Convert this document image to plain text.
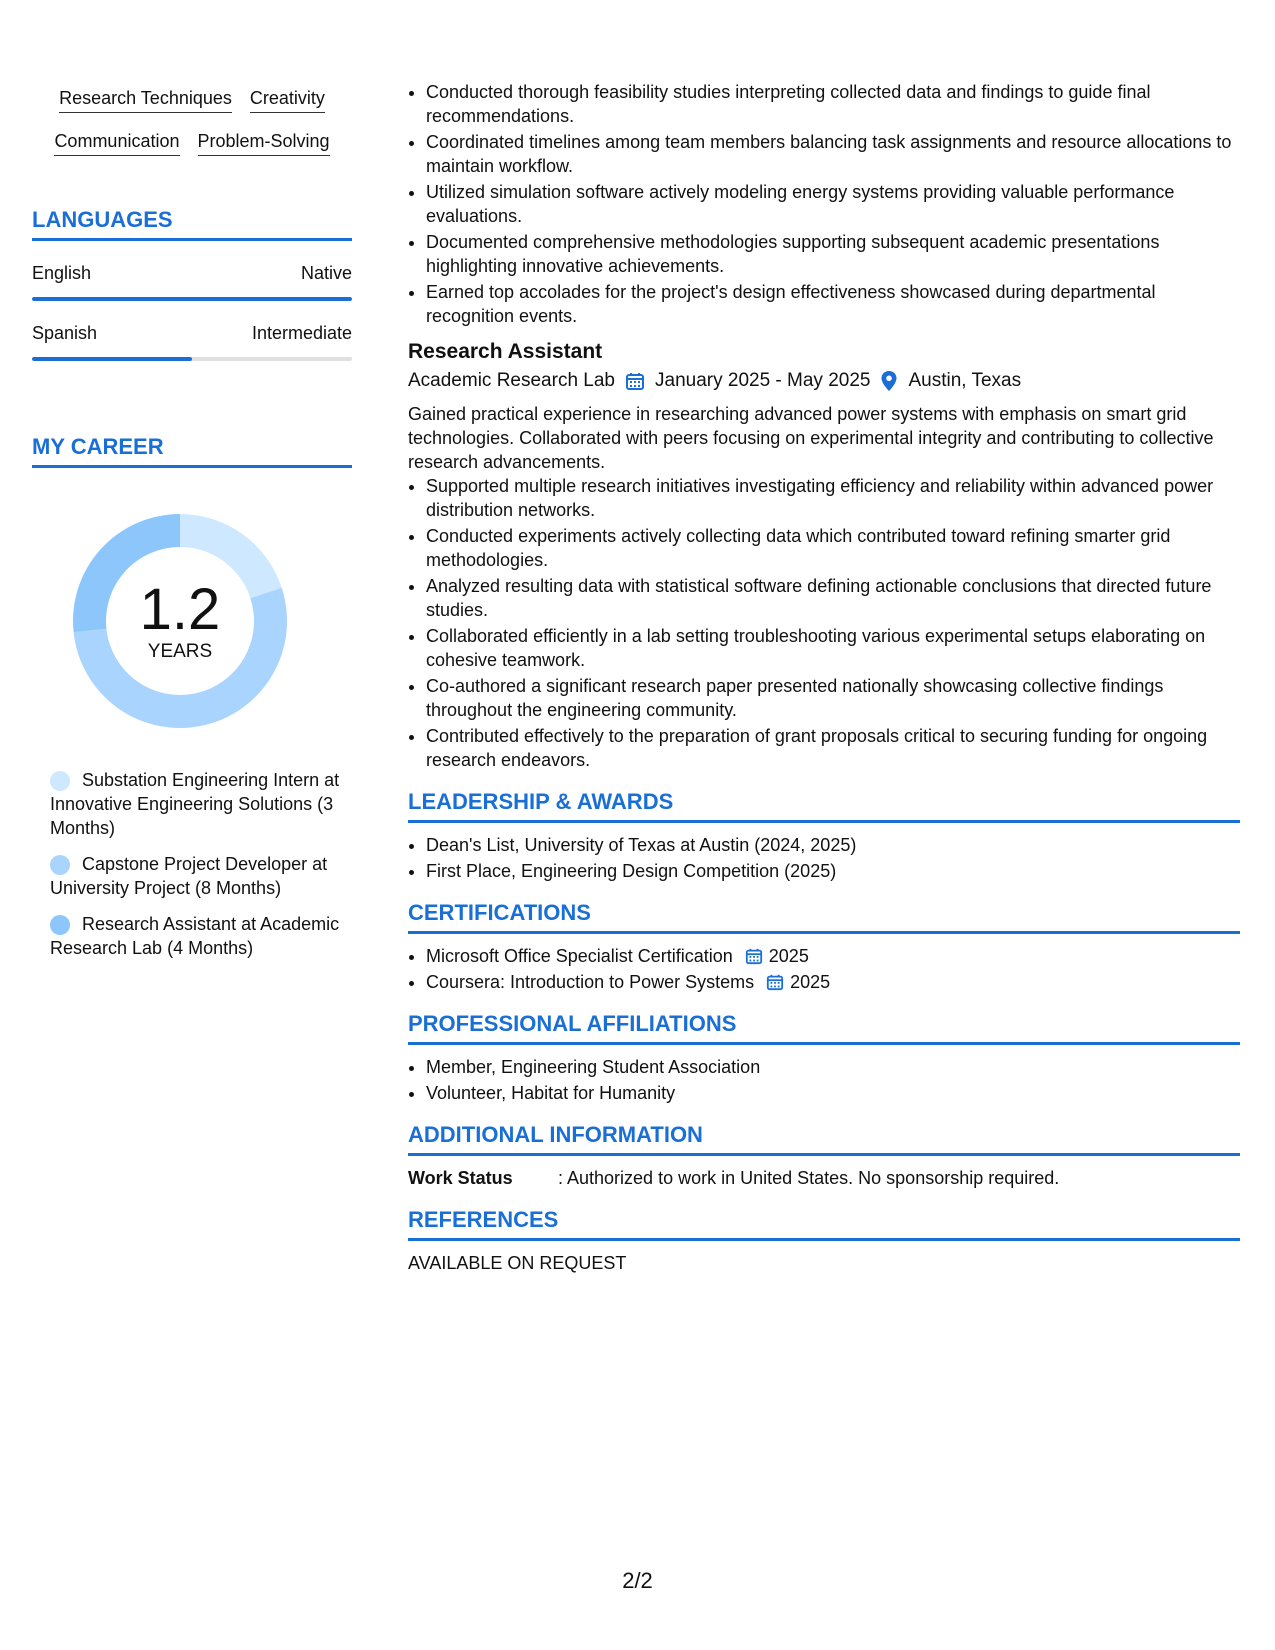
Research Techniques Creativity
Communication Problem-Solving
LANGUAGES
English	Native
Spanish	Intermediate
MY CAREER
1.2
YEARS
Substation Engineering Intern at Innovative Engineering Solutions (3 Months)
Capstone Project Developer at University Project (8 Months)
Research Assistant at Academic Research Lab (4 Months)
• Conducted thorough feasibility studies interpreting collected data and findings to guide final recommendations.
• Coordinated timelines among team members balancing task assignments and resource allocations to maintain workflow.
• Utilized simulation software actively modeling energy systems providing valuable performance evaluations.
• Documented comprehensive methodologies supporting subsequent academic presentations highlighting innovative achievements.
• Earned top accolades for the project's design effectiveness showcased during departmental recognition events.
Research Assistant
Academic Research Lab January 2025 - May 2025 Austin, Texas
Gained practical experience in researching advanced power systems with emphasis on smart grid technologies. Collaborated with peers focusing on experimental integrity and contributing to collective research advancements.
• Supported multiple research initiatives investigating efficiency and reliability within advanced power distribution networks.
• Conducted experiments actively collecting data which contributed toward refining smarter grid methodologies.
• Analyzed resulting data with statistical software defining actionable conclusions that directed future studies.
• Collaborated efficiently in a lab setting troubleshooting various experimental setups elaborating on cohesive teamwork.
• Co-authored a significant research paper presented nationally showcasing collective findings throughout the engineering community.
• Contributed effectively to the preparation of grant proposals critical to securing funding for ongoing research endeavors.
LEADERSHIP & AWARDS
• Dean's List, University of Texas at Austin (2024, 2025)
• First Place, Engineering Design Competition (2025)
CERTIFICATIONS
• Microsoft Office Specialist Certification 2025
• Coursera: Introduction to Power Systems 2025
PROFESSIONAL AFFILIATIONS
• Member, Engineering Student Association
• Volunteer, Habitat for Humanity
ADDITIONAL INFORMATION
Work Status	: Authorized to work in United States. No sponsorship required.
REFERENCES
AVAILABLE ON REQUEST
2/2
